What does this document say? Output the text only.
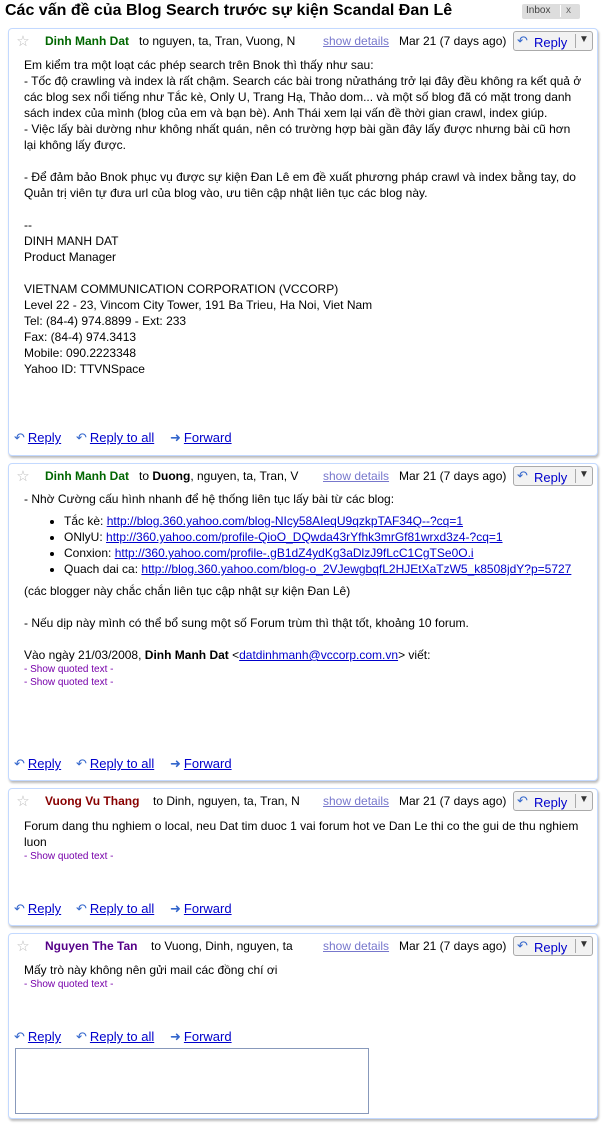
Các vấn đề của Blog Search trước sự kiện Scandal Đan Lê	Inbox x
☆ Dinh Manh Dat to nguyen, ta, Tran, Vuong, N	show details Mar 21 (7 days ago) ↶ Reply ▼

Em kiểm tra một loạt các phép search trên Bnok thì thấy như sau:

- Tốc độ crawling và index là rất chậm. Search các bài trong nửatháng trở lại đây đều không ra kết quả ở các blog sex nổi tiếng như Tắc kè, Only U, Trang Hạ, Thảo dom... và một số blog đã có mặt trong danh sách index của mình (blog của em và bạn bè). Anh Thái xem lại vấn đề thời gian crawl, index giúp.

- Việc lấy bài dường như không nhất quán, nên có trường hợp bài gần đây lấy được nhưng bài cũ hơn lại không lấy được.

- Để đảm bảo Bnok phục vụ được sự kiện Đan Lê em đề xuất phương pháp crawl và index bằng tay, do Quản trị viên tự đưa url của blog vào, ưu tiên cập nhật liên tục các blog này.

--

DINH MANH DAT

Product Manager

VIETNAM COMMUNICATION CORPORATION (VCCORP)

Level 22 - 23, Vincom City Tower, 191 Ba Trieu, Ha Noi, Viet Nam

Tel: (84-4) 974.8899 - Ext: 233

Fax: (84-4) 974.3413

Mobile: 090.2223348

Yahoo ID: TTVNSpace

↶ Reply ↶ Reply to all ➜ Forward
☆ Dinh Manh Dat to Duong, nguyen, ta, Tran, V	show details Mar 21 (7 days ago) ↶ Reply ▼

- Nhờ Cường cấu hình nhanh để hệ thống liên tục lấy bài từ các blog:

• Tắc kè: http://blog.360.yahoo.com/blog-NIcy58AIeqU9qzkpTAF34Q--?cq=1
• ONlyU: http://360.yahoo.com/profile-QioO_DQwda43rYfhk3mrGf81wrxd3z4-?cq=1
• Conxion: http://360.yahoo.com/profile-.gB1dZ4ydKg3aDlzJ9fLcC1CgTSe0O.i
• Quach dai ca: http://blog.360.yahoo.com/blog-o_2VJewgbqfL2HJEtXaTzW5_k8508jdY?p=5727

(các blogger này chắc chắn liên tục cập nhật sự kiện Đan Lê)

- Nếu dịp này mình có thể bổ sung một số Forum trùm thì thật tốt, khoảng 10 forum.

Vào ngày 21/03/2008, Dinh Manh Dat <datdinhmanh@vccorp.com.vn> viết:

- Show quoted text -
- Show quoted text -
↶ Reply ↶ Reply to all ➜ Forward
☆ Vuong Vu Thang to Dinh, nguyen, ta, Tran, N	show details Mar 21 (7 days ago) ↶ Reply ▼

Forum dang thu nghiem o local, neu Dat tim duoc 1 vai forum hot ve Dan Le thi co the gui de thu nghiem luon

- Show quoted text -
↶ Reply ↶ Reply to all ➜ Forward
☆ Nguyen The Tan to Vuong, Dinh, nguyen, ta	show details Mar 21 (7 days ago) ↶ Reply ▼

Mấy trò này không nên gửi mail các đồng chí ơi

- Show quoted text -
↶ Reply ↶ Reply to all ➜ Forward
